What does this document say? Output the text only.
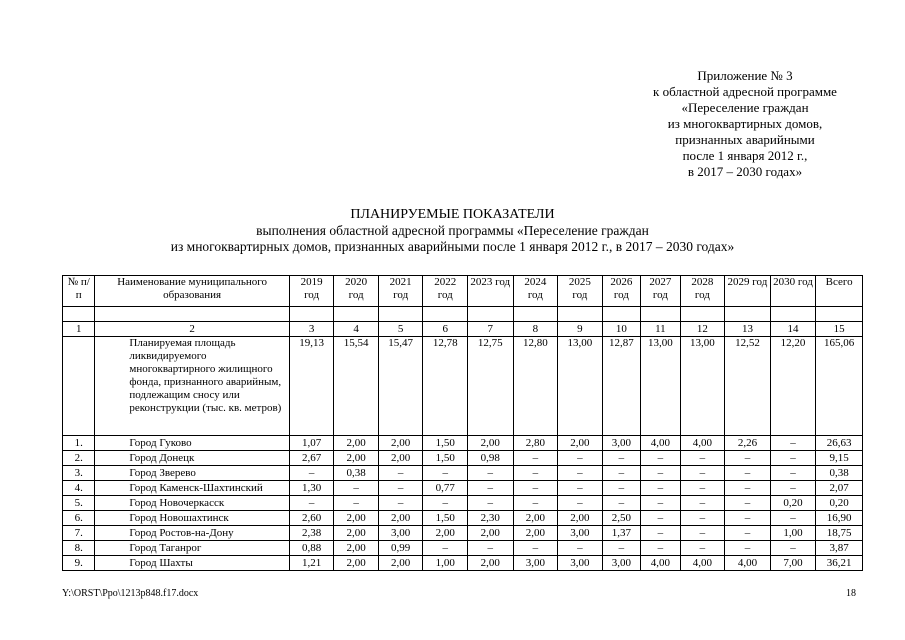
Приложение № 3
к областной адресной программе
«Переселение граждан
из многоквартирных домов,
признанных аварийными
после 1 января 2012 г.,
в 2017 – 2030 годах»
ПЛАНИРУЕМЫЕ ПОКАЗАТЕЛИ
выполнения областной адресной программы «Переселение граждан
из многоквартирных домов, признанных аварийными после 1 января 2012 г., в 2017 – 2030 годах»
№ п/п	Наименование муниципального образования	2019 год	2020 год	2021 год	2022 год	2023 год	2024 год	2025 год	2026 год	2027 год	2028 год	2029 год	2030 год	Всего

1	2	3	4	5	6	7	8	9	10	11	12	13	14	15
	Планируемая площадь ликвидируемого многоквартирного жилищного фонда, признанного аварийным, подлежащим сносу или реконструкции (тыс. кв. метров)	19,13	15,54	15,47	12,78	12,75	12,80	13,00	12,87	13,00	13,00	12,52	12,20	165,06
1.	Город Гуково	1,07	2,00	2,00	1,50	2,00	2,80	2,00	3,00	4,00	4,00	2,26	–	26,63
2.	Город Донецк	2,67	2,00	2,00	1,50	0,98	–	–	–	–	–	–	–	9,15
3.	Город Зверево	–	0,38	–	–	–	–	–	–	–	–	–	–	0,38
4.	Город Каменск-Шахтинский	1,30	–	–	0,77	–	–	–	–	–	–	–	–	2,07
5.	Город Новочеркасск	–	–	–	–	–	–	–	–	–	–	–	0,20	0,20
6.	Город Новошахтинск	2,60	2,00	2,00	1,50	2,30	2,00	2,00	2,50	–	–	–	–	16,90
7.	Город Ростов-на-Дону	2,38	2,00	3,00	2,00	2,00	2,00	3,00	1,37	–	–	–	1,00	18,75
8.	Город Таганрог	0,88	2,00	0,99	–	–	–	–	–	–	–	–	–	3,87
9.	Город Шахты	1,21	2,00	2,00	1,00	2,00	3,00	3,00	3,00	4,00	4,00	4,00	7,00	36,21
Y:\ORST\Ppo\1213p848.f17.docx	18
